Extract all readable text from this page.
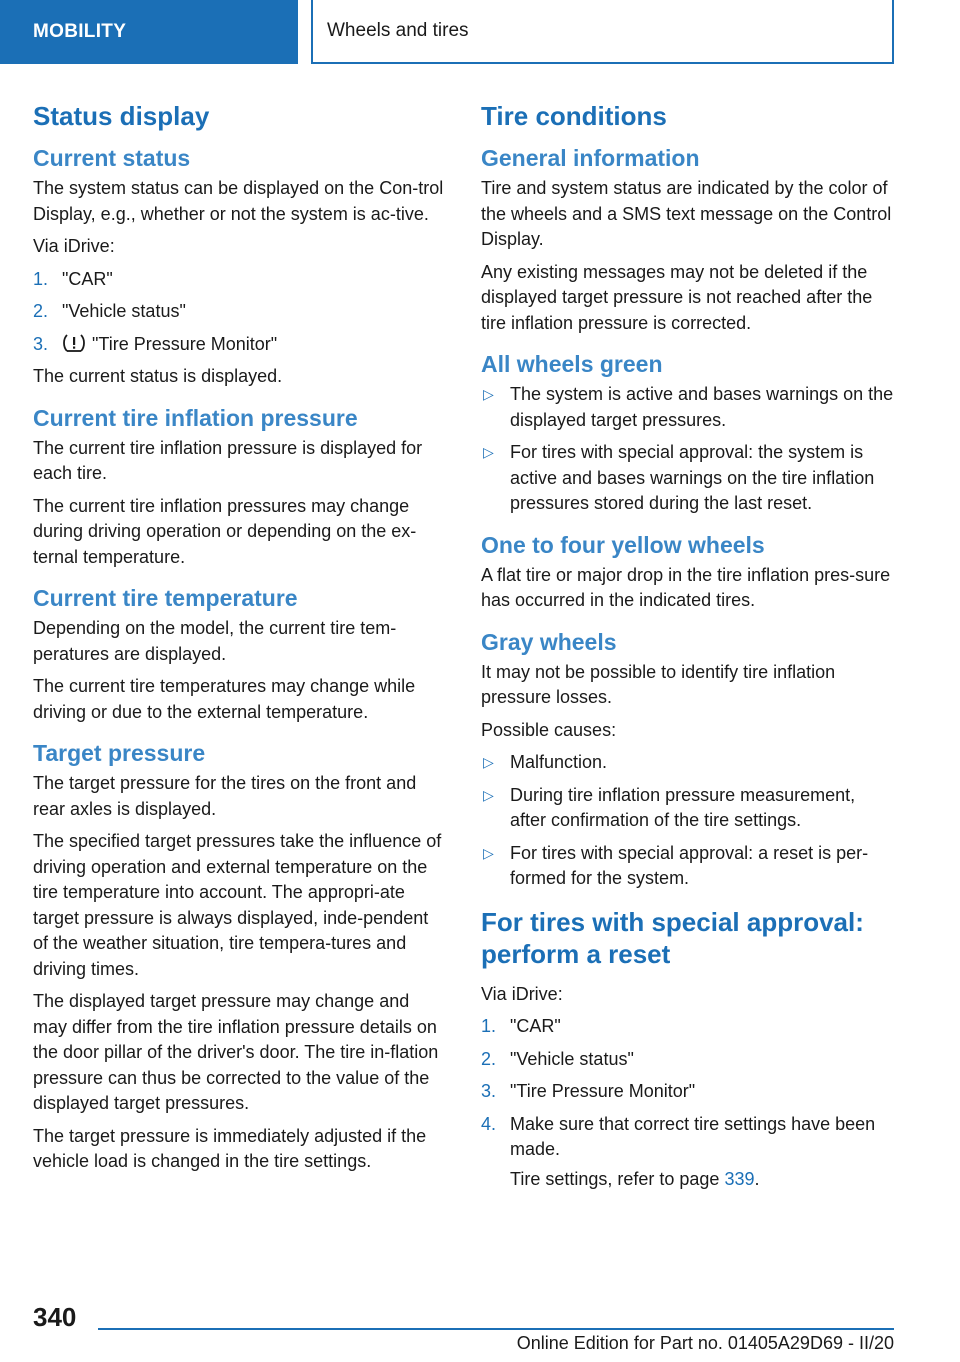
MOBILITY	Wheels and tires
Status display
Current status

The system status can be displayed on the Con‐trol Display, e.g., whether or not the system is ac‐tive.

Via iDrive:

1. "CAR"
2. "Vehicle status"
3. "Tire Pressure Monitor"

The current status is displayed.

Current tire inflation pressure

The current tire inflation pressure is displayed for each tire.

The current tire inflation pressures may change during driving operation or depending on the ex‐ternal temperature.

Current tire temperature

Depending on the model, the current tire tem‐peratures are displayed.

The current tire temperatures may change while driving or due to the external temperature.

Target pressure

The target pressure for the tires on the front and rear axles is displayed.

The specified target pressures take the influence of driving operation and external temperature on the tire temperature into account. The appropri‐ate target pressure is always displayed, inde‐pendent of the weather situation, tire tempera‐tures and driving times.

The displayed target pressure may change and may differ from the tire inflation pressure details on the door pillar of the driver's door. The tire in‐flation pressure can thus be corrected to the value of the displayed target pressures.

The target pressure is immediately adjusted if the vehicle load is changed in the tire settings.

Tire conditions
General information

Tire and system status are indicated by the color of the wheels and a SMS text message on the Control Display.

Any existing messages may not be deleted if the displayed target pressure is not reached after the tire inflation pressure is corrected.

All wheels green
▷ The system is active and bases warnings on the displayed target pressures.
▷ For tires with special approval: the system is active and bases warnings on the tire inflation pressures stored during the last reset.
One to four yellow wheels

A flat tire or major drop in the tire inflation pres‐sure has occurred in the indicated tires.

Gray wheels

It may not be possible to identify tire inflation pressure losses.

Possible causes:

▷ Malfunction.
▷ During tire inflation pressure measurement, after confirmation of the tire settings.
▷ For tires with special approval: a reset is per‐formed for the system.
For tires with special approval: perform a reset

Via iDrive:

1. "CAR"
2. "Vehicle status"
3. "Tire Pressure Monitor"
4. Make sure that correct tire settings have been made.
Tire settings, refer to page 339.
340
Online Edition for Part no. 01405A29D69 - II/20
